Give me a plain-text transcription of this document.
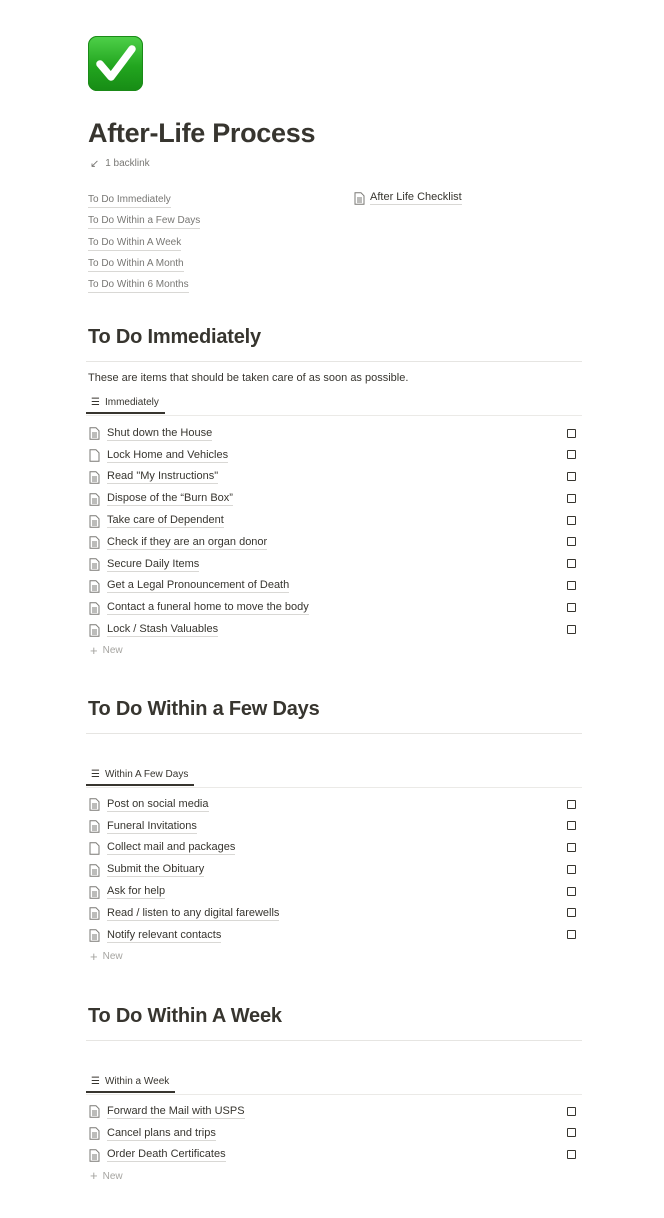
After-Life Process
↙ 1 backlink
To Do Immediately
To Do Within a Few Days
To Do Within A Week
To Do Within A Month
To Do Within 6 Months
After Life Checklist
To Do Immediately
These are items that should be taken care of as soon as possible.
☰ Immediately
Shut down the House
Lock Home and Vehicles
Read "My Instructions"
Dispose of the “Burn Box”
Take care of Dependent
Check if they are an organ donor
Secure Daily Items
Get a Legal Pronouncement of Death
Contact a funeral home to move the body
Lock / Stash Valuables
+ New
To Do Within a Few Days
☰ Within A Few Days
Post on social media
Funeral Invitations
Collect mail and packages
Submit the Obituary
Ask for help
Read / listen to any digital farewells
Notify relevant contacts
+ New
To Do Within A Week
☰ Within a Week
Forward the Mail with USPS
Cancel plans and trips
Order Death Certificates
+ New
